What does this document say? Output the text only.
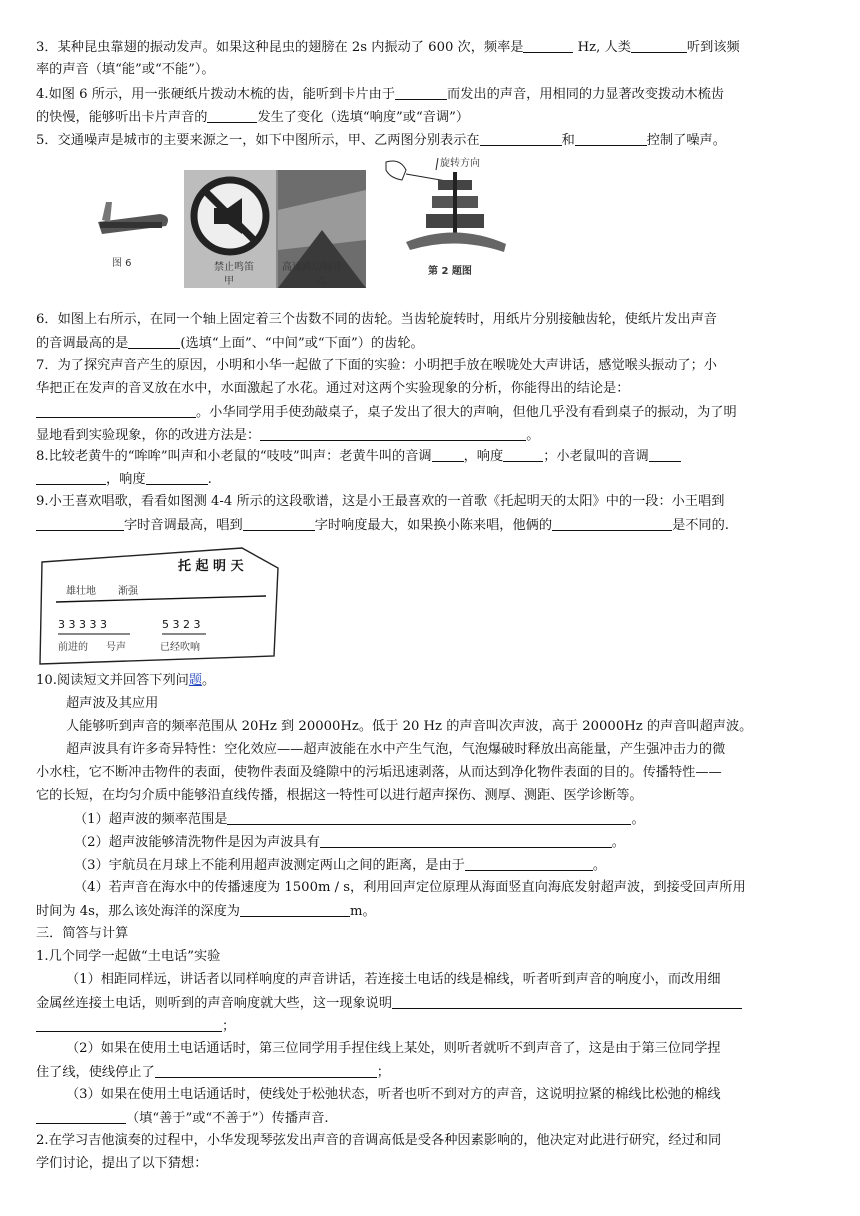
3．某种昆虫靠翅的振动发声。如果这种昆虫的翅膀在 2s 内振动了 600 次，频率是	Hz, 人类	听到该频
率的声音（填“能”或“不能”）。
4.如图 6 所示，用一张硬纸片拨动木梳的齿，能听到卡片由于	而发出的声音，用相同的力显著改变拨动木梳齿
的快慢，能够听出卡片声音的	发生了变化（选填“响度”或“音调”）
5．交通噪声是城市的主要来源之一，如下中图所示，甲、乙两图分别表示在	和	控制了噪声。
图 6	禁止鸣笛
甲
高速路边隔音
乙
旋转方向
第 2 题图
6．如图上右所示，在同一个轴上固定着三个齿数不同的齿轮。当齿轮旋转时，用纸片分别接触齿轮，使纸片发出声音
的音调最高的是	(选填“上面”、“中间”或“下面”）的齿轮。
7．为了探究声音产生的原因，小明和小华一起做了下面的实验：小明把手放在喉咙处大声讲话，感觉喉头振动了；小
华把正在发声的音叉放在水中，水面激起了水花。通过对这两个实验现象的分析，你能得出的结论是：
。小华同学用手使劲敲桌子，桌子发出了很大的声响，但他几乎没有看到桌子的振动，为了明
显地看到实验现象，你的改进方法是：	。
8.比较老黄牛的“哞哞”叫声和小老鼠的“吱吱”叫声：老黄牛叫的音调 ，响度	；小老鼠叫的音调
，响度	.
9.小王喜欢唱歌，看看如图测 4-4 所示的这段歌谱，这是小王最喜欢的一首歌《托起明天的太阳》中的一段：小王唱到
字时音调最高，唱到	字时响度最大，如果换小陈来唱，他俩的	是不同的.
托 起 明 天
雄壮地 渐强
3 3 3 3 3	5 3 2 3
前进的 号声	已经吹响
10.阅读短文并回答下列问题。
超声波及其应用
人能够听到声音的频率范围从 20Hz 到 20000Hz。低于 20 Hz 的声音叫次声波，高于 20000Hz 的声音叫超声波。
超声波具有许多奇异特性：空化效应——超声波能在水中产生气泡，气泡爆破时释放出高能量，产生强冲击力的微
小水柱，它不断冲击物件的表面，使物件表面及缝隙中的污垢迅速剥落，从而达到净化物件表面的目的。传播特性——
它的长短，在均匀介质中能够沿直线传播，根据这一特性可以进行超声探伤、测厚、测距、医学诊断等。
（1）超声波的频率范围是	。
（2）超声波能够清洗物件是因为声波具有	。
（3）宇航员在月球上不能利用超声波测定两山之间的距离，是由于	。
（4）若声音在海水中的传播速度为 1500m / s，利用回声定位原理从海面竖直向海底发射超声波，到接受回声所用
时间为 4s，那么该处海洋的深度为	m。
三．简答与计算
1.几个同学一起做“土电话”实验
（1）相距同样远，讲话者以同样响度的声音讲话，若连接土电话的线是棉线，听者听到声音的响度小，而改用细
金属丝连接土电话，则听到的声音响度就大些，这一现象说明
；
（2）如果在使用土电话通话时，第三位同学用手捏住线上某处，则听者就听不到声音了，这是由于第三位同学捏
住了线，使线停止了	；
（3）如果在使用土电话通话时，使线处于松弛状态，听者也听不到对方的声音，这说明拉紧的棉线比松弛的棉线
（填“善于”或“不善于”）传播声音.
2.在学习吉他演奏的过程中，小华发现琴弦发出声音的音调高低是受各种因素影响的，他决定对此进行研究，经过和同
学们讨论，提出了以下猜想：
